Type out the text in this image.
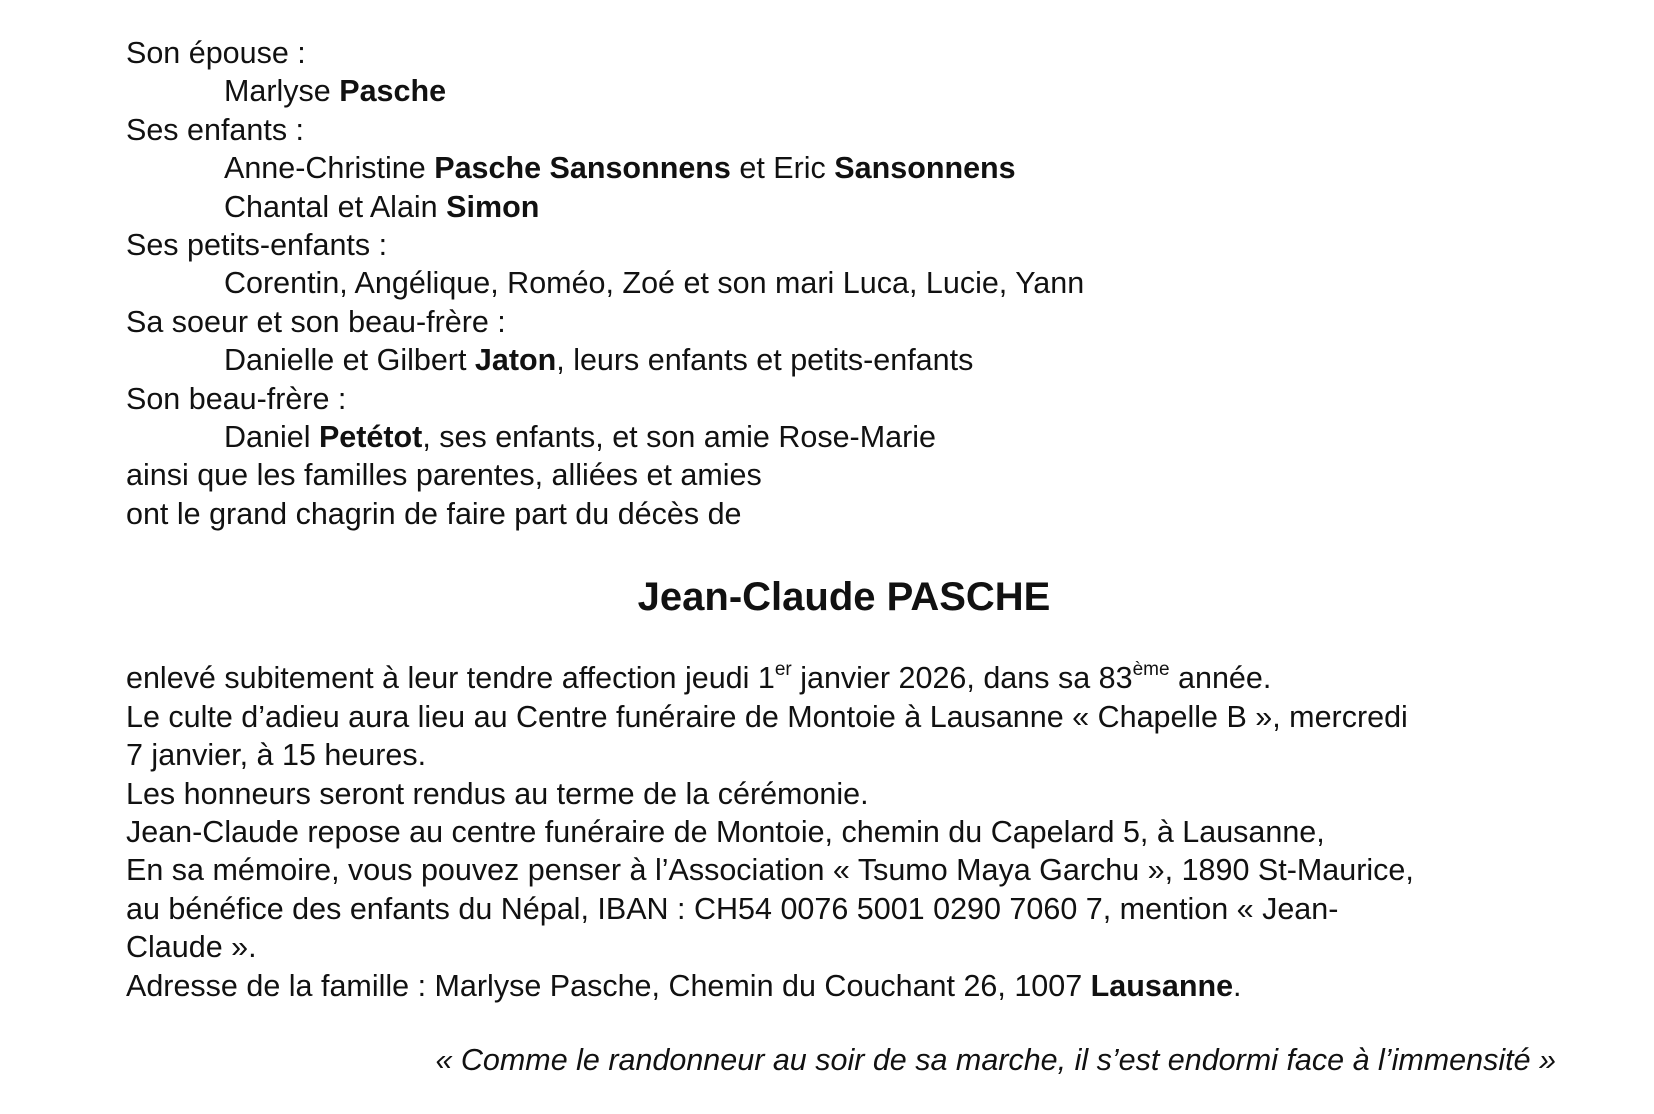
Son épouse :

Marlyse Pasche

Ses enfants :

Anne-Christine Pasche Sansonnens et Eric Sansonnens

Chantal et Alain Simon

Ses petits-enfants :

Corentin, Angélique, Roméo, Zoé et son mari Luca, Lucie, Yann

Sa soeur et son beau-frère :

Danielle et Gilbert Jaton, leurs enfants et petits-enfants

Son beau-frère :

Daniel Petétot, ses enfants, et son amie Rose-Marie

ainsi que les familles parentes, alliées et amies

ont le grand chagrin de faire part du décès de

Jean-Claude PASCHE

enlevé subitement à leur tendre affection jeudi 1er janvier 2026, dans sa 83ème année.

Le culte d’adieu aura lieu au Centre funéraire de Montoie à Lausanne « Chapelle B », mercredi

7 janvier, à 15 heures.

Les honneurs seront rendus au terme de la cérémonie.

Jean-Claude repose au centre funéraire de Montoie, chemin du Capelard 5, à Lausanne,

En sa mémoire, vous pouvez penser à l’Association « Tsumo Maya Garchu », 1890 St-Maurice,

au bénéfice des enfants du Népal, IBAN : CH54 0076 5001 0290 7060 7, mention « Jean-

Claude ».

Adresse de la famille : Marlyse Pasche, Chemin du Couchant 26, 1007 Lausanne.

« Comme le randonneur au soir de sa marche, il s’est endormi face à l’immensité »
